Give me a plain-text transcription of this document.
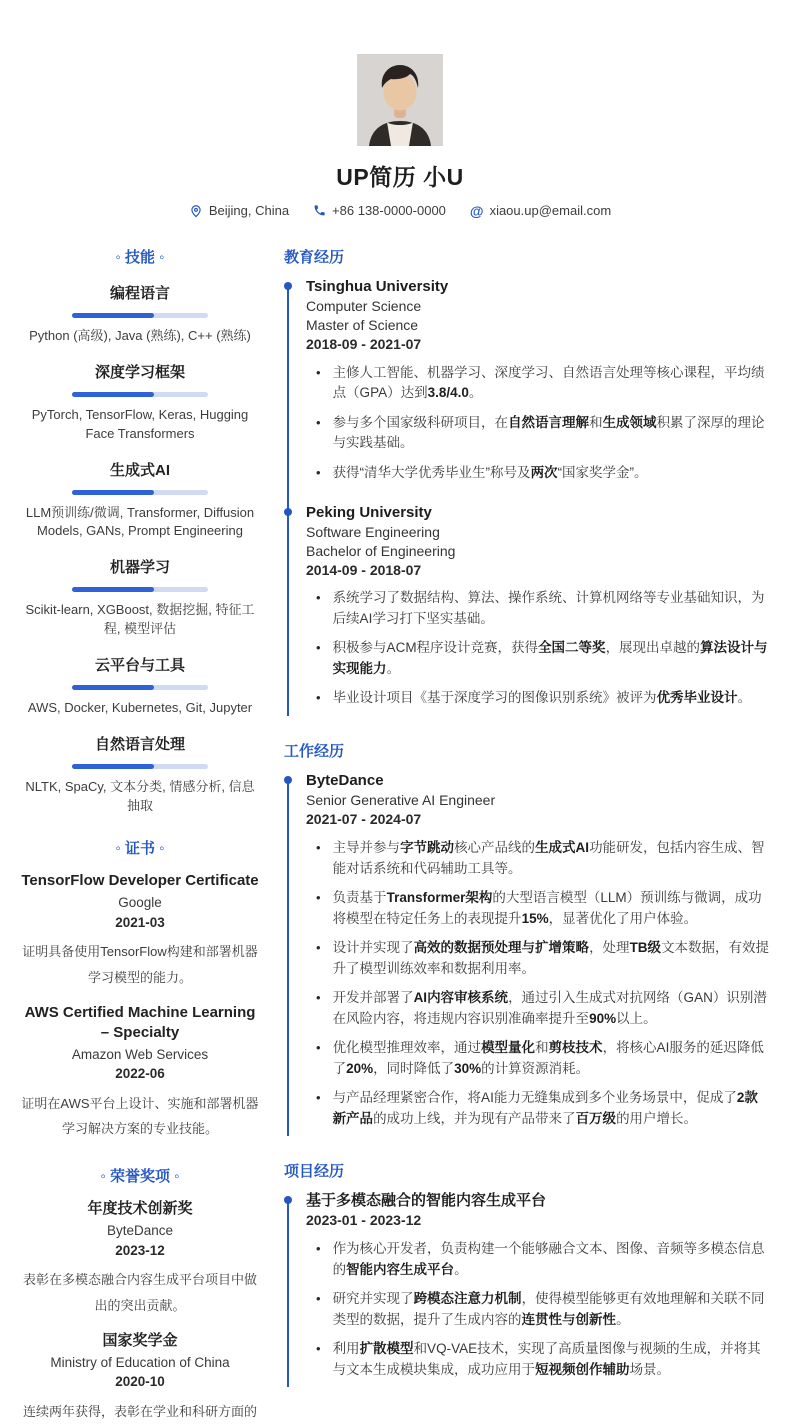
UP简历 小U
Beijing, China	+86 138-0000-0000 @ xiaou.up@email.com
◦ 技能 ◦
编程语言
Python (高级), Java (熟练), C++ (熟练)
深度学习框架
PyTorch, TensorFlow, Keras, Hugging Face Transformers
生成式AI
LLM预训练/微调, Transformer, Diffusion Models, GANs, Prompt Engineering
机器学习
Scikit-learn, XGBoost, 数据挖掘, 特征工程, 模型评估
云平台与工具
AWS, Docker, Kubernetes, Git, Jupyter
自然语言处理
NLTK, SpaCy, 文本分类, 情感分析, 信息抽取
◦ 证书 ◦
TensorFlow Developer Certificate
Google
2021-03
证明具备使用TensorFlow构建和部署机器学习模型的能力。
AWS Certified Machine Learning – Specialty
Amazon Web Services
2022-06
证明在AWS平台上设计、实施和部署机器学习解决方案的专业技能。
◦ 荣誉奖项 ◦
年度技术创新奖
ByteDance
2023-12
表彰在多模态融合内容生成平台项目中做出的突出贡献。
国家奖学金
Ministry of Education of China
2020-10
连续两年获得，表彰在学业和科研方面的
教育经历
Tsinghua University
Computer Science
Master of Science
2018-09 - 2021-07
• 主修人工智能、机器学习、深度学习、自然语言处理等核心课程，平均绩点（GPA）达到3.8/4.0。
• 参与多个国家级科研项目，在自然语言理解和生成领域积累了深厚的理论与实践基础。
• 获得“清华大学优秀毕业生”称号及两次“国家奖学金”。
Peking University
Software Engineering
Bachelor of Engineering
2014-09 - 2018-07
• 系统学习了数据结构、算法、操作系统、计算机网络等专业基础知识，为后续AI学习打下坚实基础。
• 积极参与ACM程序设计竞赛，获得全国二等奖，展现出卓越的算法设计与实现能力。
• 毕业设计项目《基于深度学习的图像识别系统》被评为优秀毕业设计。
工作经历
ByteDance
Senior Generative AI Engineer
2021-07 - 2024-07
• 主导并参与字节跳动核心产品线的生成式AI功能研发，包括内容生成、智能对话系统和代码辅助工具等。
• 负责基于Transformer架构的大型语言模型（LLM）预训练与微调，成功将模型在特定任务上的表现提升15%，显著优化了用户体验。
• 设计并实现了高效的数据预处理与扩增策略，处理TB级文本数据，有效提升了模型训练效率和数据利用率。
• 开发并部署了AI内容审核系统，通过引入生成式对抗网络（GAN）识别潜在风险内容，将违规内容识别准确率提升至90%以上。
• 优化模型推理效率，通过模型量化和剪枝技术，将核心AI服务的延迟降低了20%，同时降低了30%的计算资源消耗。
• 与产品经理紧密合作，将AI能力无缝集成到多个业务场景中，促成了2款新产品的成功上线，并为现有产品带来了百万级的用户增长。
项目经历
基于多模态融合的智能内容生成平台
2023-01 - 2023-12
• 作为核心开发者，负责构建一个能够融合文本、图像、音频等多模态信息的智能内容生成平台。
• 研究并实现了跨模态注意力机制，使得模型能够更有效地理解和关联不同类型的数据，提升了生成内容的连贯性与创新性。
• 利用扩散模型和VQ-VAE技术，实现了高质量图像与视频的生成，并将其与文本生成模块集成，成功应用于短视频创作辅助场景。
